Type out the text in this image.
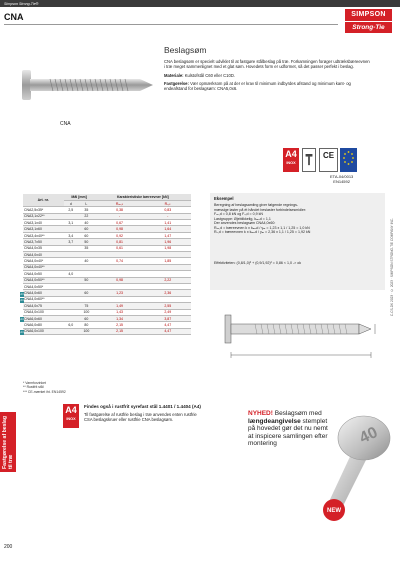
Simpson Strong-Tie®
CNA	SIMPSON
Strong-Tie
C-CS-DK 2023 · © 2023 · SIMPSON STRONG-TIE COMPANY INC.
CNA
Beslagsøm

CNA beslagsøm er specielt udviklet til at fastgøre stålbeslag på træ. Forkamningen forøger udtræksbæreevnen i træ meget sammenlignet med et glat søm. Hovedets form er udformet, så det passer perfekt i beslag.

Materiale: Kulstofstål C60 eller C10D.

Fastgørelse: Vær opmærksom på at der er krav til minimum indbyrdes afstand og minimum kant- og endeafstand for beslagsøm: CNA5,0x6.

A4
INOX
CE
ETA-04/0013
EN14592
Art. nr.	Mål [mm]		Karakteristiske bæreevner [kN]	
	d	L	Rₐₓ,ₖ	Rᵥ,ₖ
CNA2,5x35*	2,5	35	0,38	0,83
CNA3,1x22**		22	-	-
CNA3,1x40	3,1	40	0,67	1,41
CNA3,1x60		60	0,98	1,64
CNA3,4x40**	3,4	60	0,92	1,47
CNA3,7x50	3,7	50	0,81	1,96
CNA4,0x35		35	0,61	1,98
CNA4,0x40				
CNA4,0x40*		40	0,74	1,85
CNA4,0x40**				
CNA4,0x50	4,0			
CNA4,0x50**		50	0,98	2,22
CNA4,0x50*				
CNA4,0x60		60	1,23	2,36
CNA4,0x60**				
CNA4,0x75		75	1,49	2,55
CNA4,0x100		100	1,43	2,49
CNA6,0x60		60	1,34	3,87
CNA6,0x80	6,0	80	2,15	4,47
CNA6,0x100		100	2,15	4,47
A4
A4
A4
A4
* Varmforzinket
** Rustfrit stål
*** CE-mærket iht. EN14592
Eksempel

Beregning af beslagsamling giver følgende regnings-

mæssige laster på ét håndet beslaster forbindelsesmidler:

Fₐₓ,d = 0,8 kN og Fᵥ,d = 0,9 kN

Lastgruppe: Øjeblikkelig, kₘₒd = 1,1

Der anvendes beslagsøm CNA4,0x60:

Rₐₓ,d = bæreevnen k x kₘₒd / γₘ = 1,23 x 1,1 / 1,25 = 1,0 kN

Rᵥ,d = bæreevnen k x kₘₒd / γₘ = 2,36 x 1,1 / 1,25 = 1,92 kN

Effektiviteten: (0,8/1,0)² + (0,9/1,92)² = 0,86 < 1,0 -> ok
A4
INOX
Findes også i rustfrit syrefast stål 1.4401 / 1.4404 (A4)

Til fastgørelse af rustfrie beslag i træ anvendes enten rustfrie CSA beslagskruer eller rustfrie CNA beslagsøm.

Fastgørelse af beslag til træ
NYHED! Beslagsøm med længdeangivelse stemplet på hovedet gør det nu nemt at inspicere samlingen efter montering	40
NEW
200
